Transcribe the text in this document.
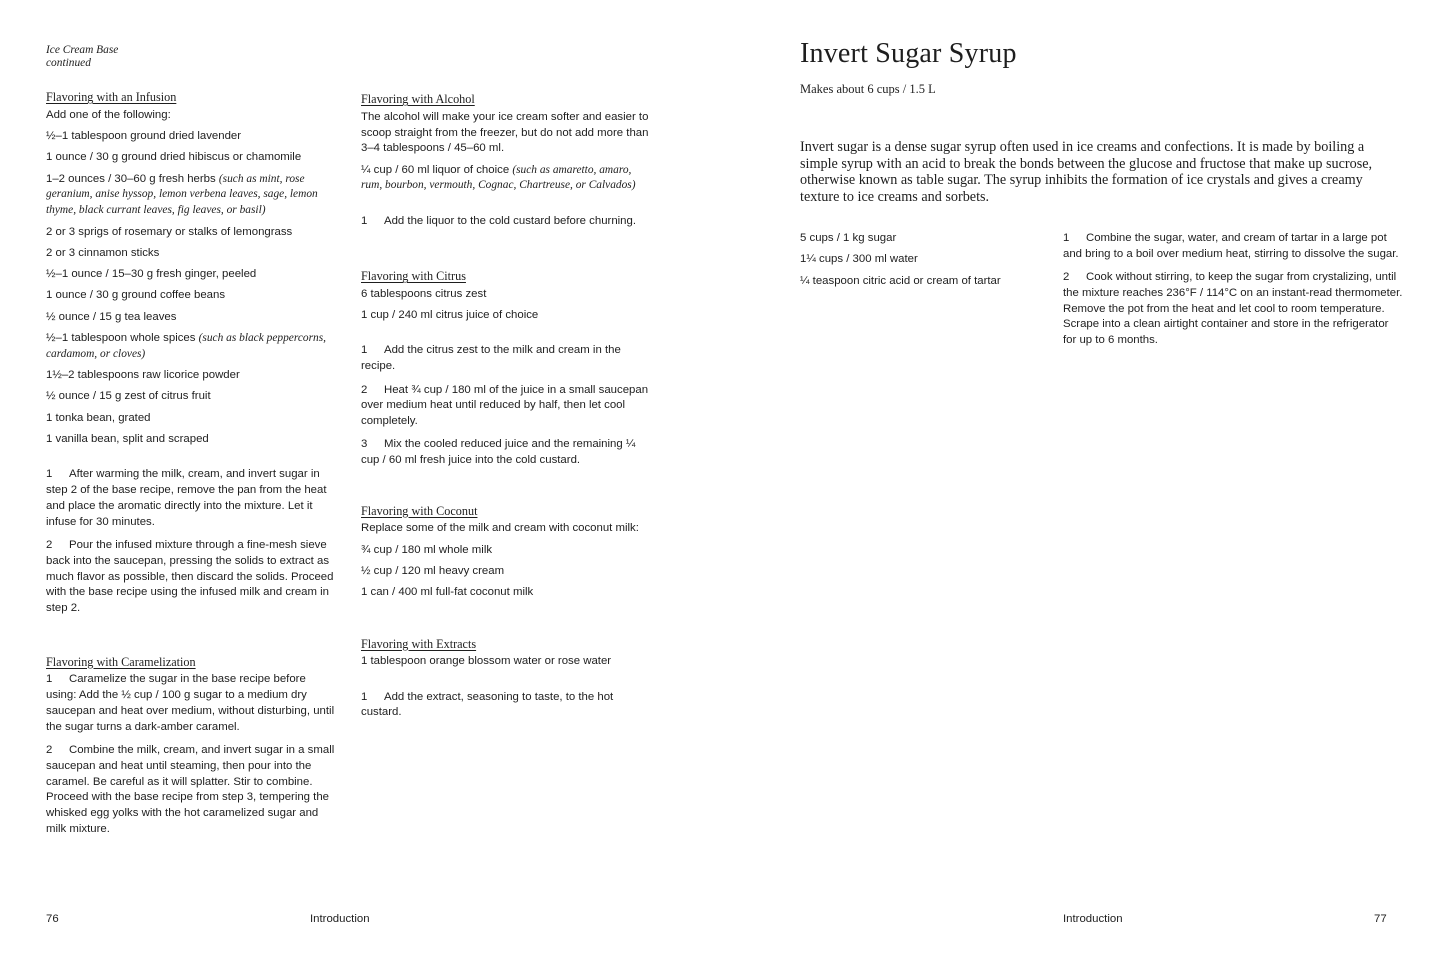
Ice Cream Base
continued
Flavoring with an Infusion
Add one of the following:
½–1 tablespoon ground dried lavender
1 ounce / 30 g ground dried hibiscus or chamomile
1–2 ounces / 30–60 g fresh herbs (such as mint, rose geranium, anise hyssop, lemon verbena leaves, sage, lemon thyme, black currant leaves, fig leaves, or basil)
2 or 3 sprigs of rosemary or stalks of lemongrass
2 or 3 cinnamon sticks
½–1 ounce / 15–30 g fresh ginger, peeled
1 ounce / 30 g ground coffee beans
½ ounce / 15 g tea leaves
½–1 tablespoon whole spices (such as black peppercorns, cardamom, or cloves)
1½–2 tablespoons raw licorice powder
½ ounce / 15 g zest of citrus fruit
1 tonka bean, grated
1 vanilla bean, split and scraped
1 After warming the milk, cream, and invert sugar in step 2 of the base recipe, remove the pan from the heat and place the aromatic directly into the mixture. Let it infuse for 30 minutes.
2 Pour the infused mixture through a fine-mesh sieve back into the saucepan, pressing the solids to extract as much flavor as possible, then discard the solids. Proceed with the base recipe using the infused milk and cream in step 2.
Flavoring with Caramelization
1 Caramelize the sugar in the base recipe before using: Add the ½ cup / 100 g sugar to a medium dry saucepan and heat over medium, without disturbing, until the sugar turns a dark-amber caramel.
2 Combine the milk, cream, and invert sugar in a small saucepan and heat until steaming, then pour into the caramel. Be careful as it will splatter. Stir to combine. Proceed with the base recipe from step 3, tempering the whisked egg yolks with the hot caramelized sugar and milk mixture.
Flavoring with Alcohol
The alcohol will make your ice cream softer and easier to scoop straight from the freezer, but do not add more than 3–4 tablespoons / 45–60 ml.
¼ cup / 60 ml liquor of choice (such as amaretto, amaro, rum, bourbon, vermouth, Cognac, Chartreuse, or Calvados)
1 Add the liquor to the cold custard before churning.
Flavoring with Citrus
6 tablespoons citrus zest
1 cup / 240 ml citrus juice of choice
1 Add the citrus zest to the milk and cream in the recipe.
2 Heat ¾ cup / 180 ml of the juice in a small saucepan over medium heat until reduced by half, then let cool completely.
3 Mix the cooled reduced juice and the remaining ¼ cup / 60 ml fresh juice into the cold custard.
Flavoring with Coconut
Replace some of the milk and cream with coconut milk:
¾ cup / 180 ml whole milk
½ cup / 120 ml heavy cream
1 can / 400 ml full-fat coconut milk
Flavoring with Extracts
1 tablespoon orange blossom water or rose water
1 Add the extract, seasoning to taste, to the hot custard.
76	Introduction
Invert Sugar Syrup
Makes about 6 cups / 1.5 L
Invert sugar is a dense sugar syrup often used in ice creams and confections. It is made by boiling a simple syrup with an acid to break the bonds between the glucose and fructose that make up sucrose, otherwise known as table sugar. The syrup inhibits the formation of ice crystals and gives a creamy texture to ice creams and sorbets.
5 cups / 1 kg sugar
1¼ cups / 300 ml water
¼ teaspoon citric acid or cream of tartar
1 Combine the sugar, water, and cream of tartar in a large pot and bring to a boil over medium heat, stirring to dissolve the sugar.
2 Cook without stirring, to keep the sugar from crystalizing, until the mixture reaches 236°F / 114°C on an instant-read thermometer. Remove the pot from the heat and let cool to room temperature. Scrape into a clean airtight container and store in the refrigerator for up to 6 months.
Introduction	77
